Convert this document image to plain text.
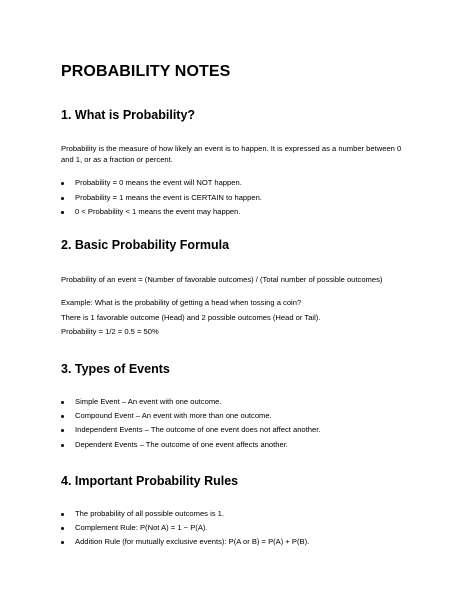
PROBABILITY NOTES
1. What is Probability?
Probability is the measure of how likely an event is to happen. It is expressed as a number between 0
and 1, or as a fraction or percent.
Probability = 0 means the event will NOT happen.
Probability = 1 means the event is CERTAIN to happen.
0 < Probability < 1 means the event may happen.
2. Basic Probability Formula
Probability of an event = (Number of favorable outcomes) / (Total number of possible outcomes)
Example: What is the probability of getting a head when tossing a coin?
There is 1 favorable outcome (Head) and 2 possible outcomes (Head or Tail).
Probability = 1/2 = 0.5 = 50%
3. Types of Events
Simple Event – An event with one outcome.
Compound Event – An event with more than one outcome.
Independent Events – The outcome of one event does not affect another.
Dependent Events – The outcome of one event affects another.
4. Important Probability Rules
The probability of all possible outcomes is 1.
Complement Rule: P(Not A) = 1 − P(A).
Addition Rule (for mutually exclusive events): P(A or B) = P(A) + P(B).
